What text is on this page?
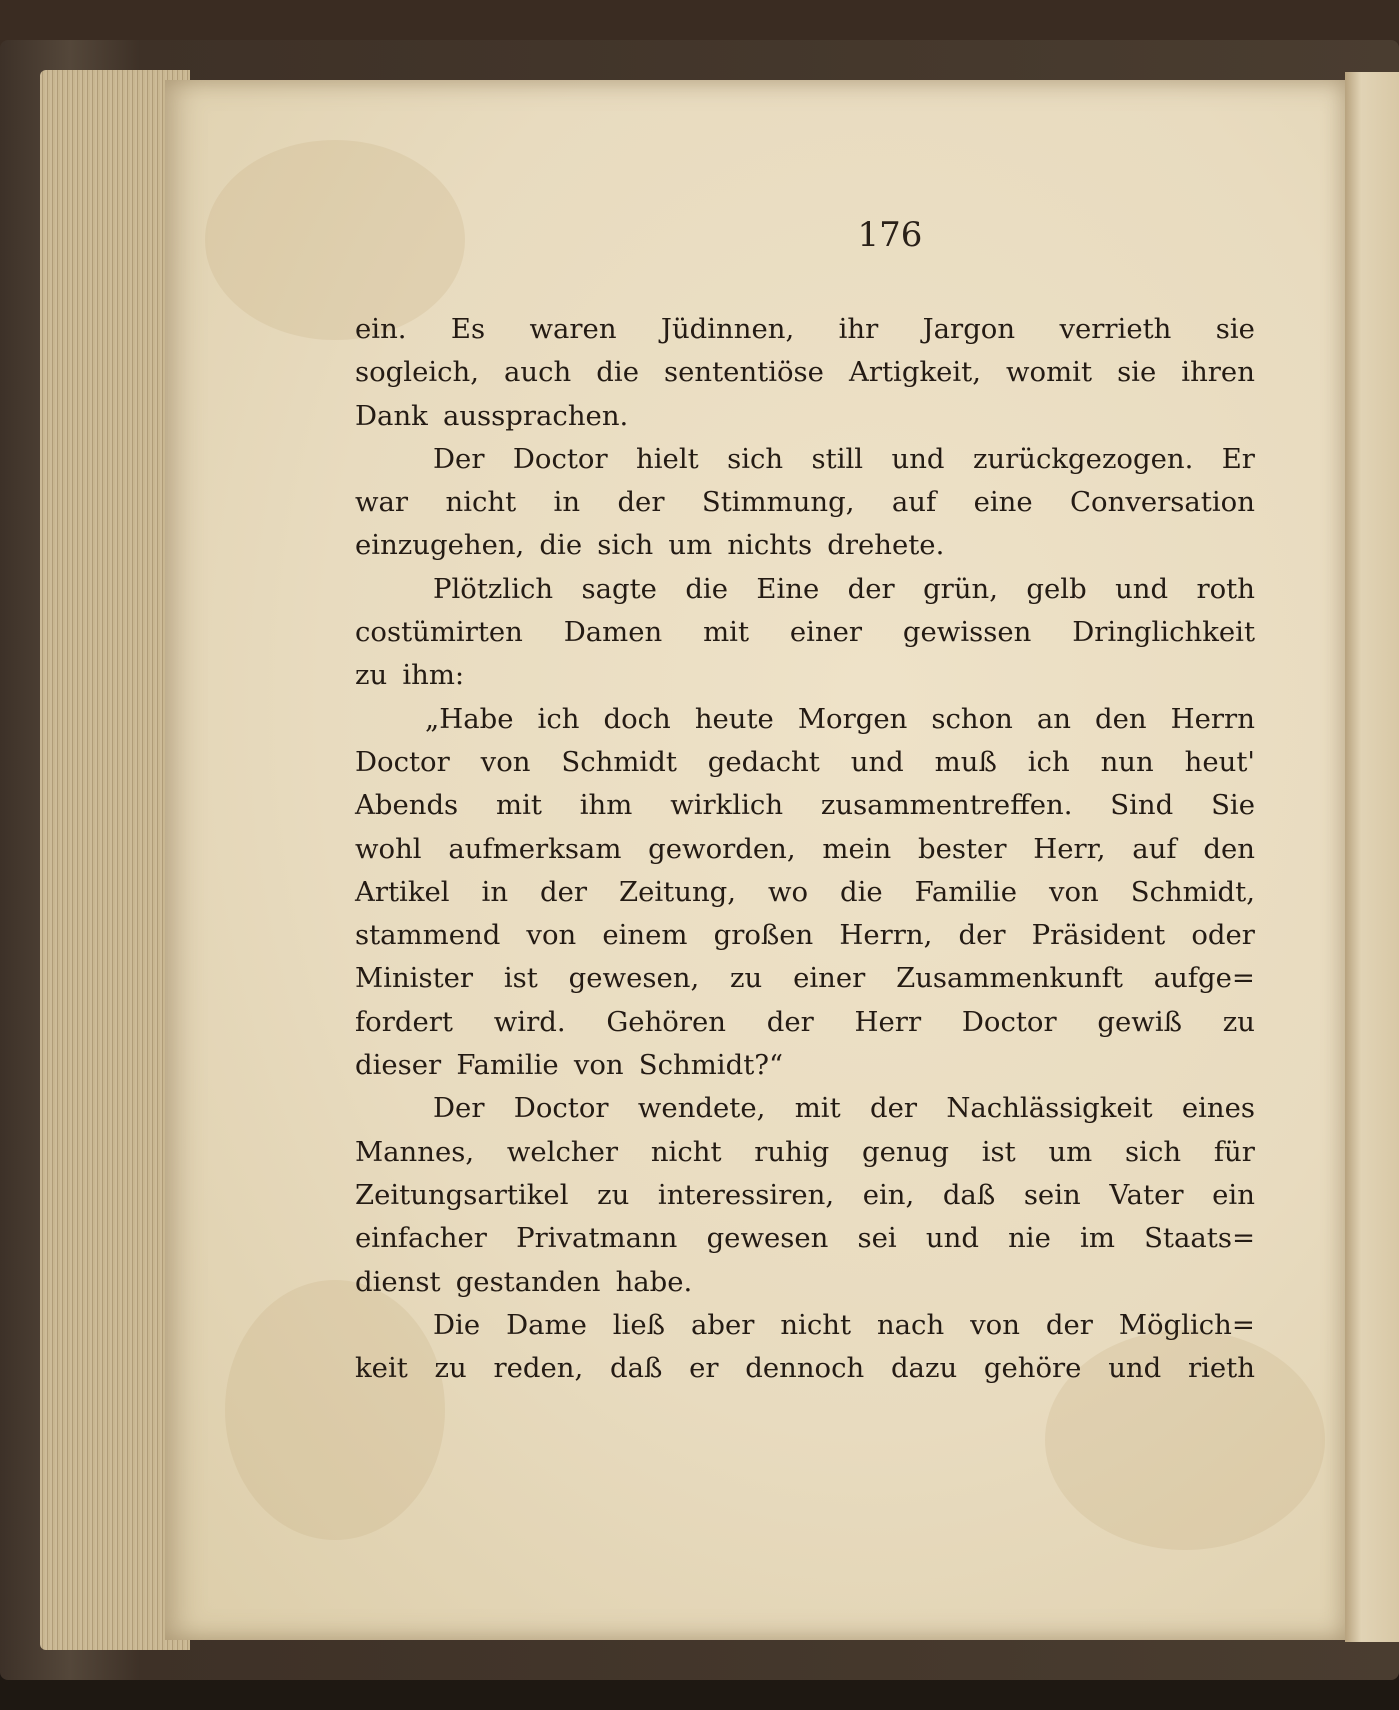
176
ein. Es waren Jüdinnen, ihr Jargon verrieth sie
sogleich, auch die sententiöse Artigkeit, womit sie ihren
Dank aussprachen.
Der Doctor hielt sich still und zurückgezogen. Er
war nicht in der Stimmung, auf eine Conversation
einzugehen, die sich um nichts drehete.
Plötzlich sagte die Eine der grün, gelb und roth
costümirten Damen mit einer gewissen Dringlichkeit
zu ihm:
„Habe ich doch heute Morgen schon an den Herrn
Doctor von Schmidt gedacht und muß ich nun heut'
Abends mit ihm wirklich zusammentreffen. Sind Sie
wohl aufmerksam geworden, mein bester Herr, auf den
Artikel in der Zeitung, wo die Familie von Schmidt,
stammend von einem großen Herrn, der Präsident oder
Minister ist gewesen, zu einer Zusammenkunft aufge=
fordert wird. Gehören der Herr Doctor gewiß zu
dieser Familie von Schmidt?“
Der Doctor wendete, mit der Nachlässigkeit eines
Mannes, welcher nicht ruhig genug ist um sich für
Zeitungsartikel zu interessiren, ein, daß sein Vater ein
einfacher Privatmann gewesen sei und nie im Staats=
dienst gestanden habe.
Die Dame ließ aber nicht nach von der Möglich=
keit zu reden, daß er dennoch dazu gehöre und rieth
